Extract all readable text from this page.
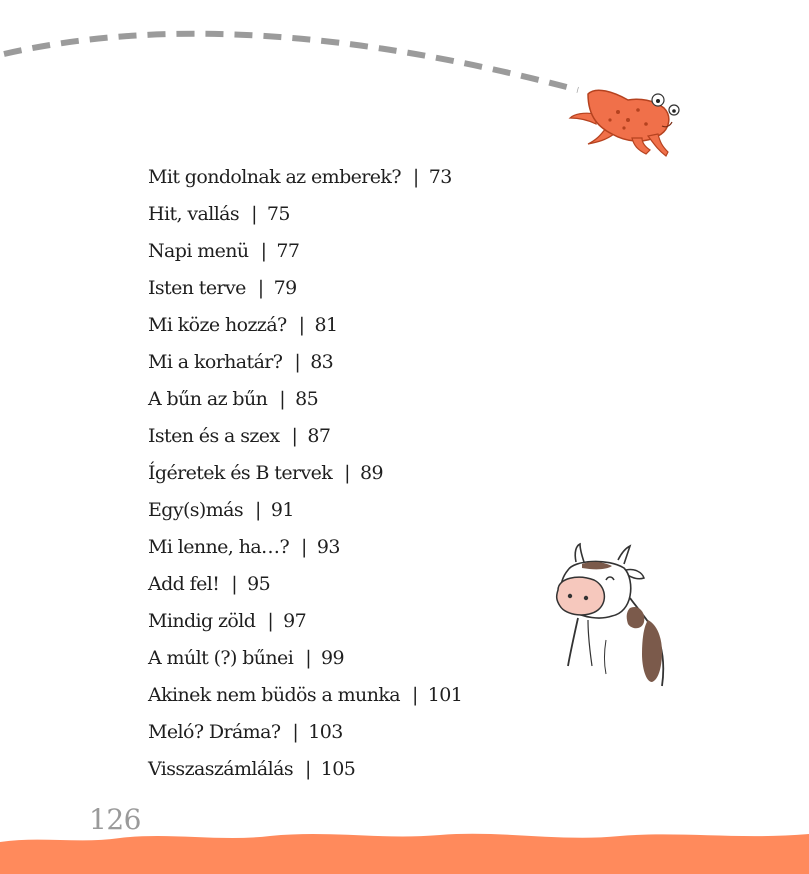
Mit gondolnak az emberek? | 73
Hit, vallás | 75
Napi menü | 77
Isten terve | 79
Mi köze hozzá? | 81
Mi a korhatár? | 83
A bűn az bűn | 85
Isten és a szex | 87
Ígéretek és B tervek | 89
Egy(s)más | 91
Mi lenne, ha…? | 93
Add fel! | 95
Mindig zöld | 97
A múlt (?) bűnei | 99
Akinek nem büdös a munka | 101
Meló? Dráma? | 103
Visszaszámlálás | 105
126
